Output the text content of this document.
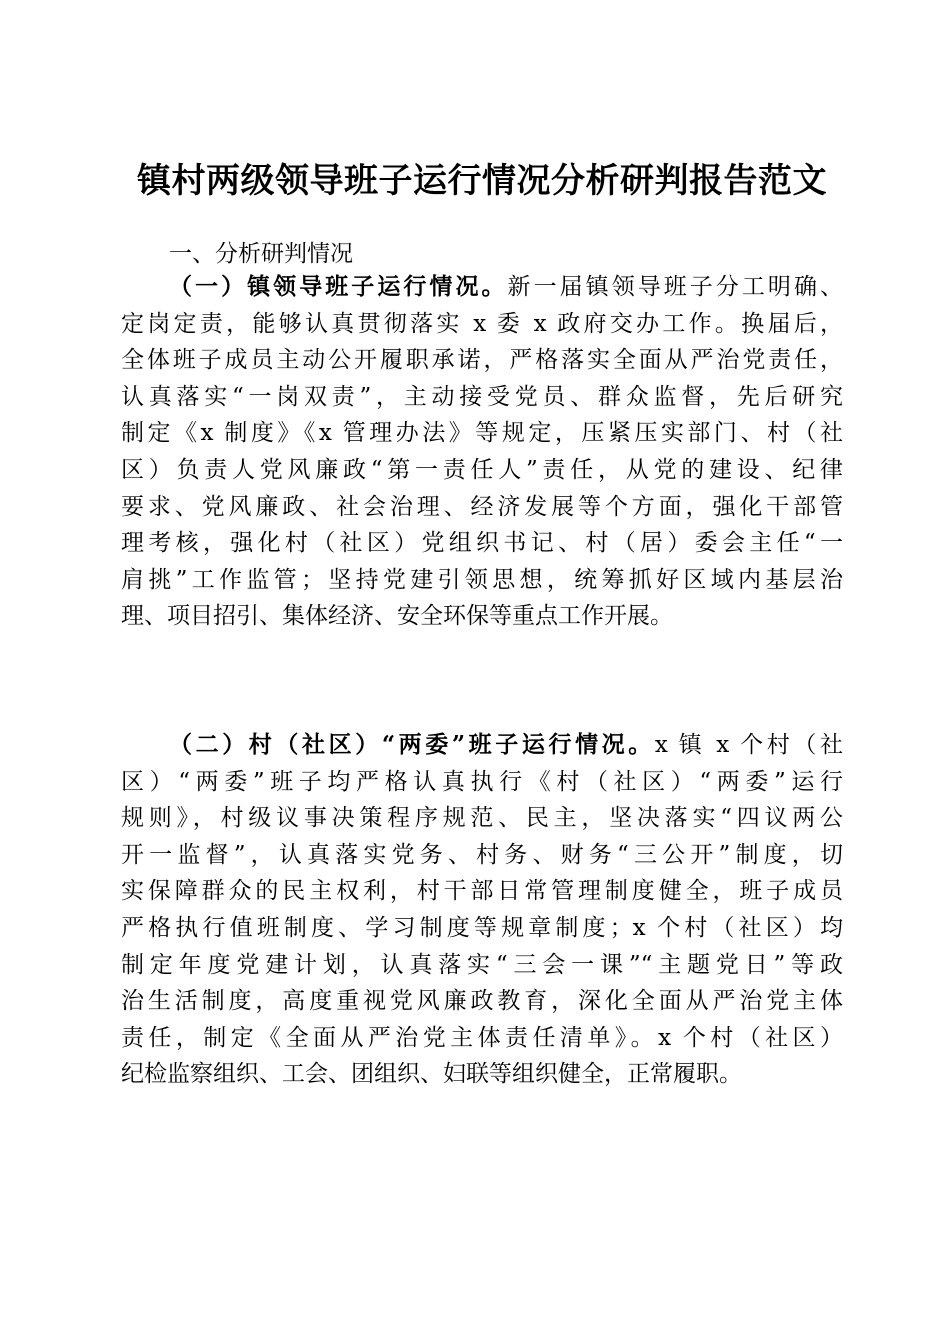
镇村两级领导班子运行情况分析研判报告范文
一、分析研判情况
（一）镇领导班子运行情况。新一届镇领导班子分工明确、
定岗定责，能够认真贯彻落实 x 委 x 政府交办工作。换届后，
全体班子成员主动公开履职承诺，严格落实全面从严治党责任，
认真落实“一岗双责”，主动接受党员、群众监督，先后研究
制定《x 制度》《x 管理办法》等规定，压紧压实部门、村（社
区）负责人党风廉政“第一责任人”责任，从党的建设、纪律
要求、党风廉政、社会治理、经济发展等个方面，强化干部管
理考核，强化村（社区）党组织书记、村（居）委会主任“一
肩挑”工作监管；坚持党建引领思想，统筹抓好区域内基层治
理、项目招引、集体经济、安全环保等重点工作开展。
（二）村（社区）“两委”班子运行情况。x 镇 x 个村（社
区）“两委”班子均严格认真执行《村（社区）“两委”运行
规则》，村级议事决策程序规范、民主，坚决落实“四议两公
开一监督”，认真落实党务、村务、财务“三公开”制度，切
实保障群众的民主权利，村干部日常管理制度健全，班子成员
严格执行值班制度、学习制度等规章制度；x 个村（社区）均
制定年度党建计划，认真落实“三会一课”“主题党日”等政
治生活制度，高度重视党风廉政教育，深化全面从严治党主体
责任，制定《全面从严治党主体责任清单》。x 个村（社区）
纪检监察组织、工会、团组织、妇联等组织健全，正常履职。
